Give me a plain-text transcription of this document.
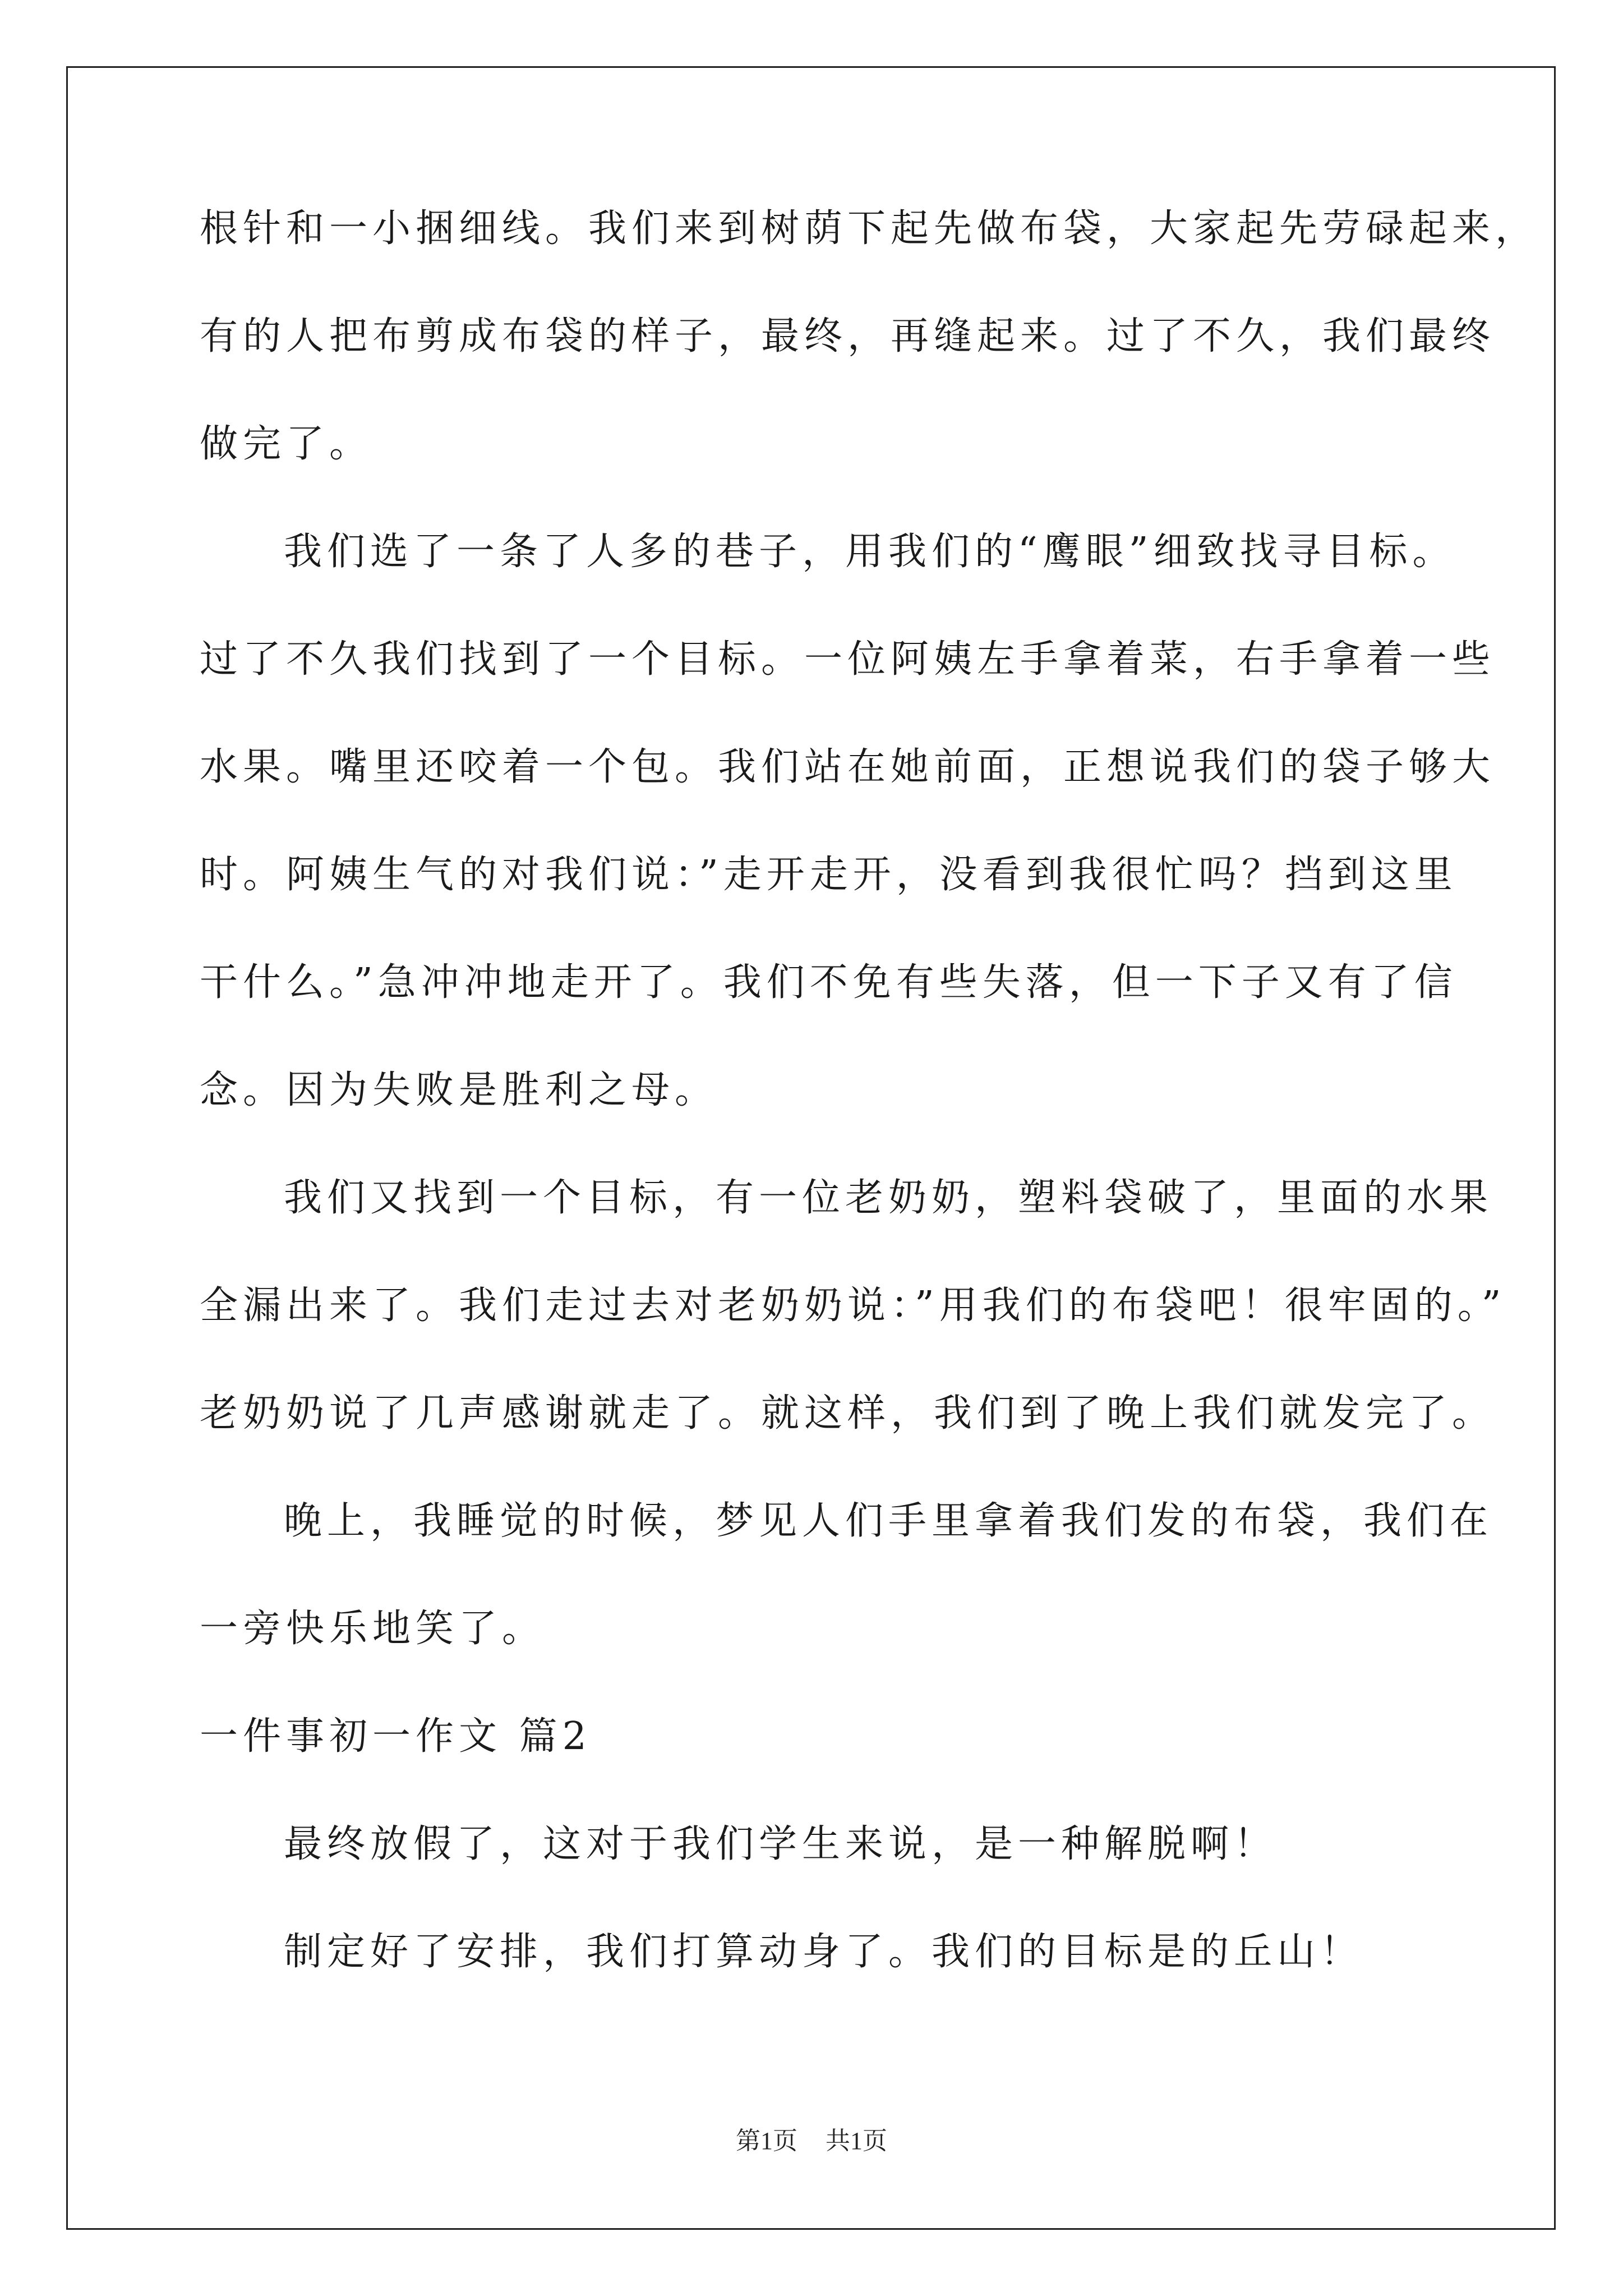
根针和一小捆细线。我们来到树荫下起先做布袋，大家起先劳碌起来，
有的人把布剪成布袋的样子，最终，再缝起来。过了不久，我们最终
做完了。
我们选了一条了人多的巷子，用我们的“鹰眼”细致找寻目标。
过了不久我们找到了一个目标。一位阿姨左手拿着菜，右手拿着一些
水果。嘴里还咬着一个包。我们站在她前面，正想说我们的袋子够大
时。阿姨生气的对我们说：”走开走开，没看到我很忙吗？挡到这里
干什么。”急冲冲地走开了。我们不免有些失落，但一下子又有了信
念。因为失败是胜利之母。
我们又找到一个目标，有一位老奶奶，塑料袋破了，里面的水果
全漏出来了。我们走过去对老奶奶说：”用我们的布袋吧！很牢固的。”
老奶奶说了几声感谢就走了。就这样，我们到了晚上我们就发完了。
晚上，我睡觉的时候，梦见人们手里拿着我们发的布袋，我们在
一旁快乐地笑了。
一件事初一作文 篇2
最终放假了，这对于我们学生来说，是一种解脱啊！
制定好了安排，我们打算动身了。我们的目标是的丘山！
第1页 共1页
